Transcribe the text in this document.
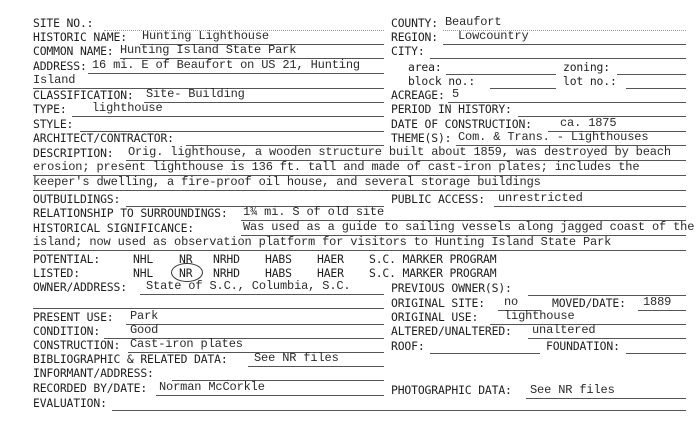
SITE NO.:	COUNTY: Beaufort
HISTORIC NAME: Hunting Lighthouse	REGION: Lowcountry
COMMON NAME: Hunting Island State Park	CITY:
ADDRESS: 16 mi. E of Beaufort on US 21, Hunting	area:	zoning:
Island	block no.:	lot no.:
CLASSIFICATION: Site- Building	ACREAGE: 5
TYPE: lighthouse	PERIOD IN HISTORY:
STYLE:	DATE OF CONSTRUCTION: ca. 1875
ARCHITECT/CONTRACTOR:	THEME(S): Com. & Trans. - Lighthouses
DESCRIPTION: Orig. lighthouse, a wooden structure built about 1859, was destroyed by beach
erosion; present lighthouse is 136 ft. tall and made of cast-iron plates; includes the
keeper's dwelling, a fire-proof oil house, and several storage buildings
OUTBUILDINGS:	PUBLIC ACCESS: unrestricted
RELATIONSHIP TO SURROUNDINGS: 1¾ mi. S of old site
HISTORICAL SIGNIFICANCE:	Was used as a guide to sailing vessels along jagged coast of the
island; now used as observation platform for visitors to Hunting Island State Park
POTENTIAL:	NHL NR NRHD HABS HAER S.C. MARKER PROGRAM
LISTED:	NHL NR NRHD HABS HAER S.C. MARKER PROGRAM
OWNER/ADDRESS: State of S.C., Columbia, S.C.	PREVIOUS OWNER(S):
ORIGINAL SITE: no	MOVED/DATE: 1889
PRESENT USE: Park	ORIGINAL USE: lighthouse
CONDITION: Good	ALTERED/UNALTERED: unaltered
CONSTRUCTION: Cast-iron plates	ROOF:	FOUNDATION:
BIBLIOGRAPHIC & RELATED DATA: See NR files
INFORMANT/ADDRESS:
RECORDED BY/DATE: Norman McCorkle	PHOTOGRAPHIC DATA: See NR files
EVALUATION:
